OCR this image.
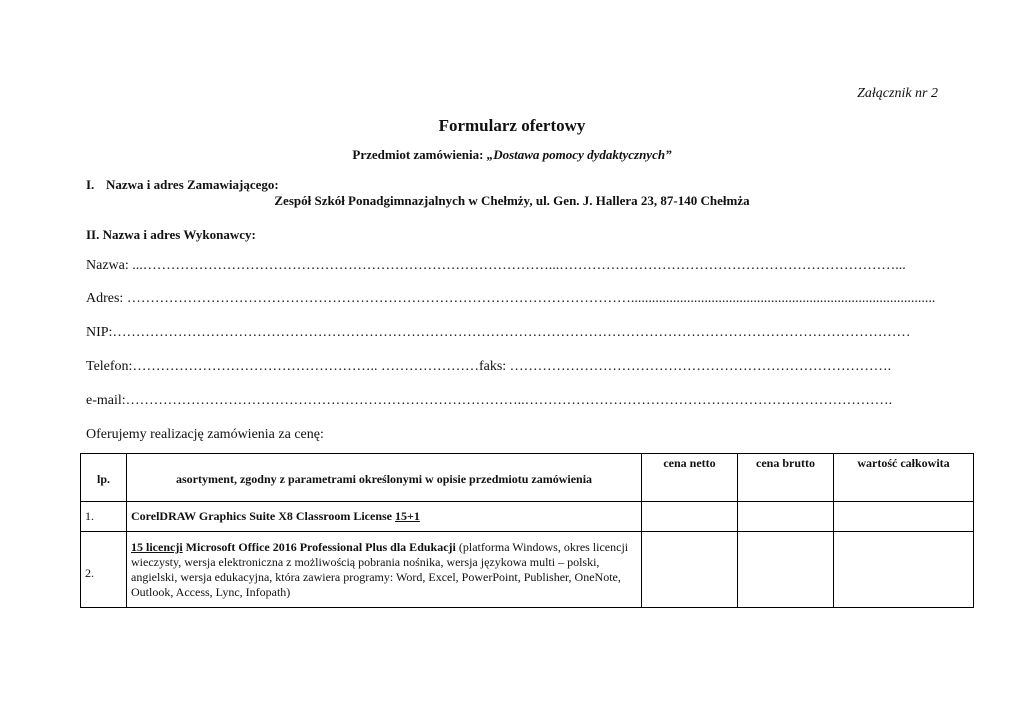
Załącznik nr 2
Formularz ofertowy
Przedmiot zamówienia: „Dostawa pomocy dydaktycznych”
I. Nazwa i adres Zamawiającego:
Zespół Szkół Ponadgimnazjalnych w Chełmży, ul. Gen. J. Hallera 23, 87-140 Chełmża
II. Nazwa i adres Wykonawcy:
Nazwa: ...……………………………………………………………………………...………………………………………………………………...
Adres: ……………………………………………………………………………………………….......................................................................................
NIP:………………………………………………………………………………………………………………………………………………………
Telefon:…………………………………………….. …………………faks: ……………………………………………………………………….
e-mail:…………………………………………………………………………..…………………………………………………………………….
Oferujemy realizację zamówienia za cenę:
lp.	asortyment, zgodny z parametrami określonymi w opisie przedmiotu zamówienia	cena netto	cena brutto	wartość całkowita
1.	CorelDRAW Graphics Suite X8 Classroom License 15+1			
2.	15 licencji Microsoft Office 2016 Professional Plus dla Edukacji (platforma Windows, okres licencji wieczysty, wersja elektroniczna z możliwością pobrania nośnika, wersja językowa multi – polski, angielski, wersja edukacyjna, która zawiera programy: Word, Excel, PowerPoint, Publisher, OneNote, Outlook, Access, Lync, Infopath)			
